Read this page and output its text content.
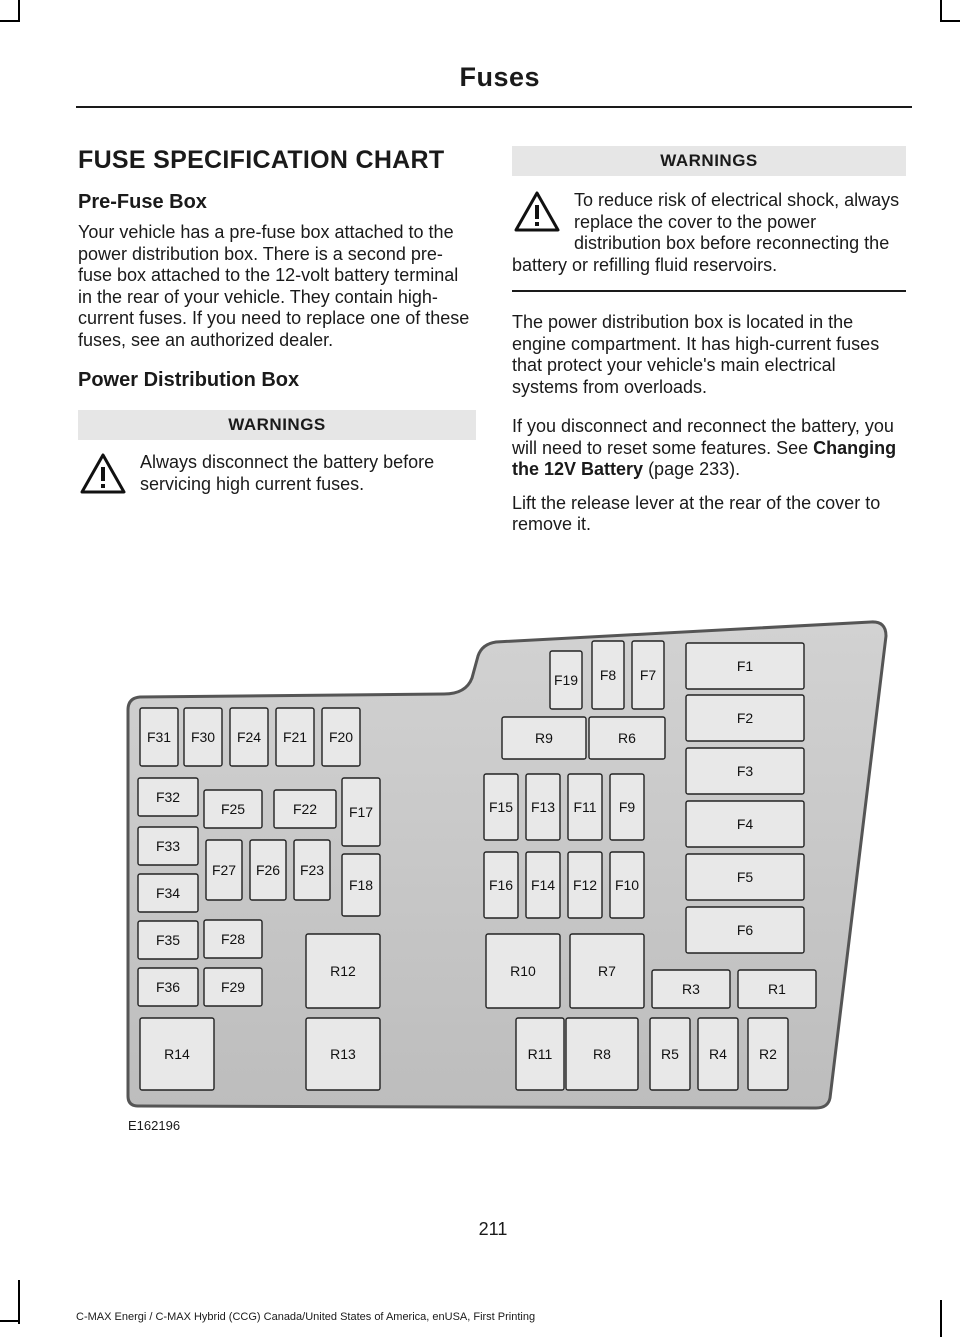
Fuses
FUSE SPECIFICATION CHART
Pre-Fuse Box

Your vehicle has a pre-fuse box attached to the power distribution box. There is a second pre-fuse box attached to the 12-volt battery terminal in the rear of your vehicle. They contain high-current fuses. If you need to replace one of these fuses, see an authorized dealer.

Power Distribution Box
WARNINGS
Always disconnect the battery before servicing high current fuses.
WARNINGS
To reduce risk of electrical shock, always replace the cover to the power distribution box before reconnecting the battery or refilling fluid reservoirs.

The power distribution box is located in the engine compartment. It has high-current fuses that protect your vehicle's main electrical systems from overloads.

If you disconnect and reconnect the battery, you will need to reset some features. See Changing the 12V Battery (page 233).

Lift the release lever at the rear of the cover to remove it.

F1
F2
F3
F4
F5
F6
F7
F8
F19
R9	R6
F31 F30 F24 F21 F20
F32
F33
F34
F35
F36
F25	F22 F17
F27 F26 F23
F18
F28
F29
R12
R13
R14
F15 F13 F11 F9
F16 F14 F12 F10
R10	R7
R3	R1
R11	R8	R5 R4 R2
E162196
211
C-MAX Energi / C-MAX Hybrid (CCG) Canada/United States of America, enUSA, First Printing
